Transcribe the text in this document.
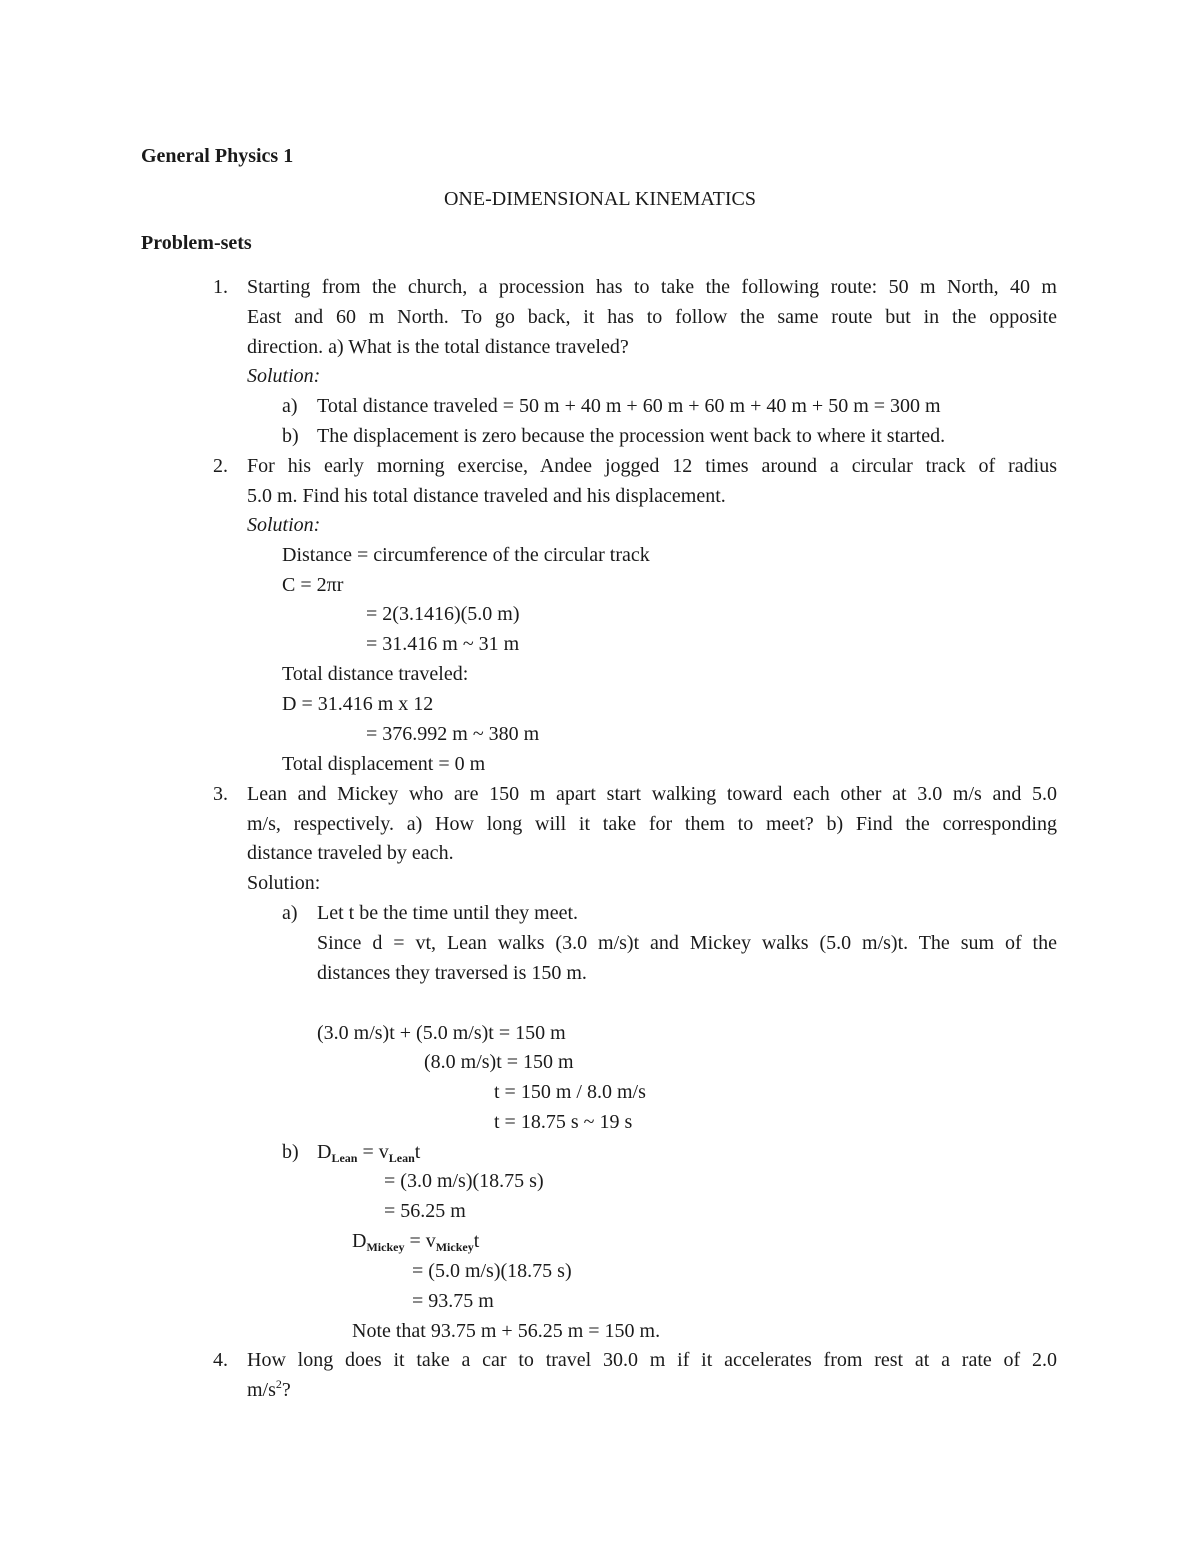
General Physics 1
ONE-DIMENSIONAL KINEMATICS
Problem-sets
1. Starting from the church, a procession has to take the following route: 50 m North, 40 m
East and 60 m North. To go back, it has to follow the same route but in the opposite
direction. a) What is the total distance traveled?
Solution:
a) Total distance traveled = 50 m + 40 m + 60 m + 60 m + 40 m + 50 m = 300 m
b) The displacement is zero because the procession went back to where it started.
2. For his early morning exercise, Andee jogged 12 times around a circular track of radius
5.0 m. Find his total distance traveled and his displacement.
Solution:
Distance = circumference of the circular track
C = 2πr
= 2(3.1416)(5.0 m)
= 31.416 m ~ 31 m
Total distance traveled:
D = 31.416 m x 12
= 376.992 m ~ 380 m
Total displacement = 0 m
3. Lean and Mickey who are 150 m apart start walking toward each other at 3.0 m/s and 5.0
m/s, respectively. a) How long will it take for them to meet? b) Find the corresponding
distance traveled by each.
Solution:
a) Let t be the time until they meet.
Since d = vt, Lean walks (3.0 m/s)t and Mickey walks (5.0 m/s)t. The sum of the
distances they traversed is 150 m.
(3.0 m/s)t + (5.0 m/s)t = 150 m
(8.0 m/s)t = 150 m
t = 150 m / 8.0 m/s
t = 18.75 s ~ 19 s
b) $D_{Lean} = v_{Lean}t$
= (3.0 m/s)(18.75 s)
= 56.25 m
$D_{Mickey} = v_{Mickey}t$
= (5.0 m/s)(18.75 s)
= 93.75 m
Note that 93.75 m + 56.25 m = 150 m.
4. How long does it take a car to travel 30.0 m if it accelerates from rest at a rate of 2.0
$m/s^2$?
